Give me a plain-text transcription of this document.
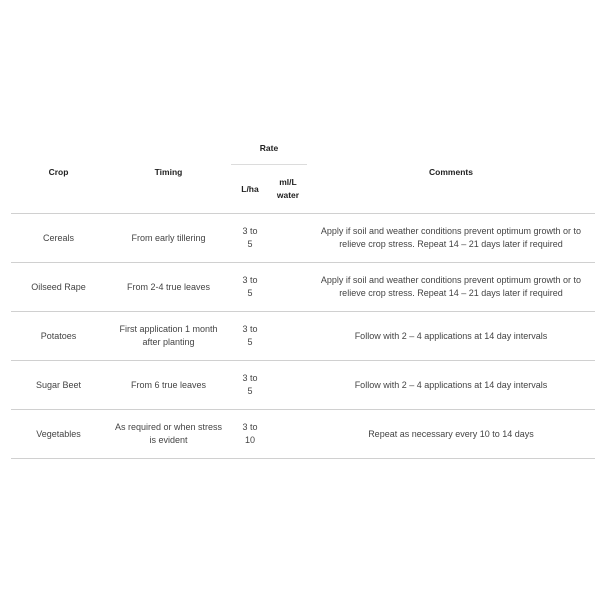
Crop	Timing	Rate		Comments
		L/ha	ml/L water	
Cereals	From early tillering	3 to 5		Apply if soil and weather conditions prevent optimum growth or to relieve crop stress. Repeat 14 – 21 days later if required
Oilseed Rape	From 2-4 true leaves	3 to 5		Apply if soil and weather conditions prevent optimum growth or to relieve crop stress. Repeat 14 – 21 days later if required
Potatoes	First application 1 month after planting	3 to 5		Follow with 2 – 4 applications at 14 day intervals
Sugar Beet	From 6 true leaves	3 to 5		Follow with 2 – 4 applications at 14 day intervals
Vegetables	As required or when stress is evident	3 to 10		Repeat as necessary every 10 to 14 days
